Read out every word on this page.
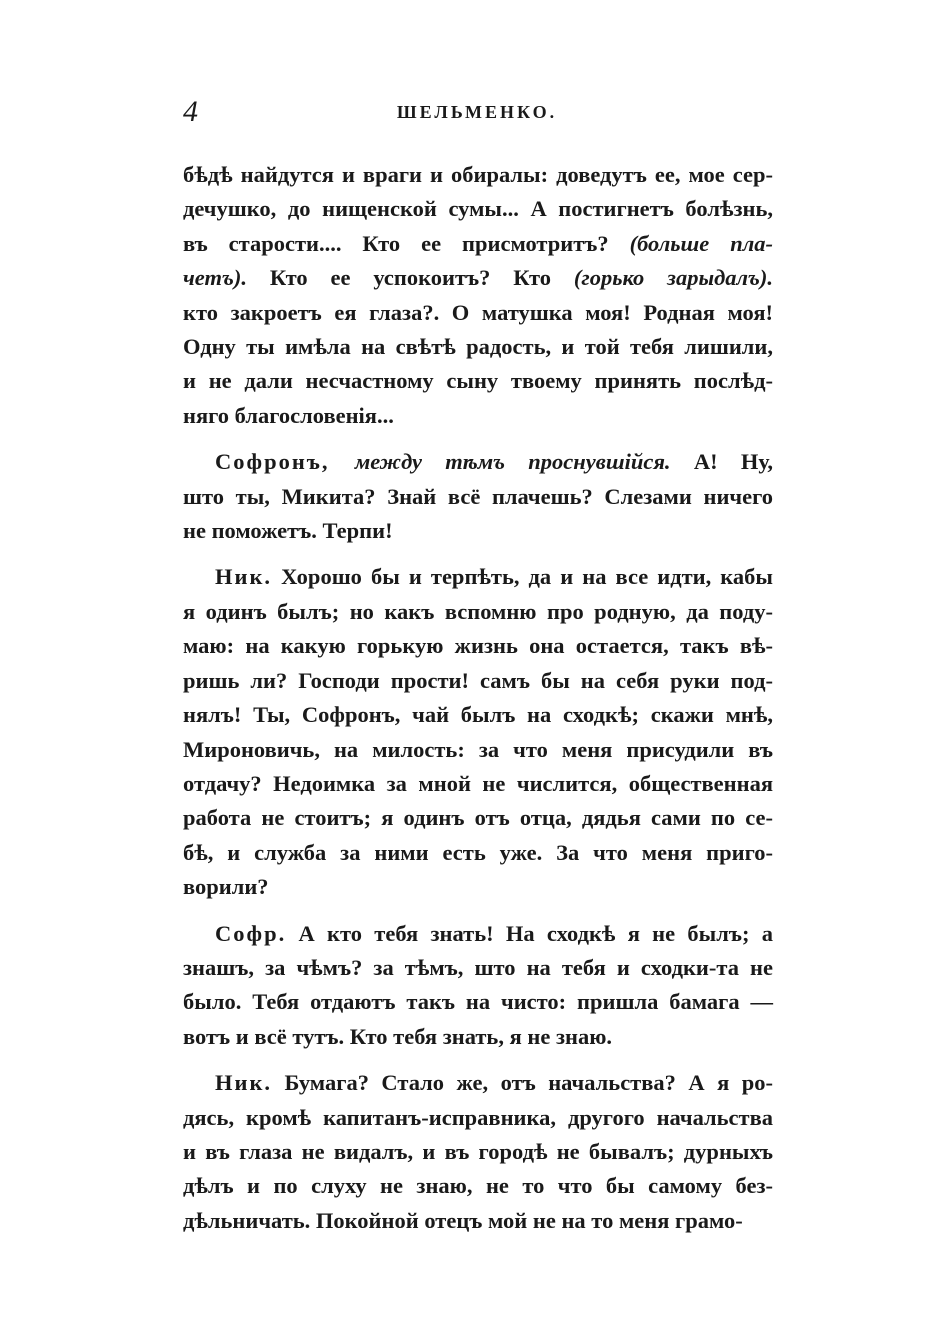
4	ШЕЛЬМЕНКО.
бѣдѣ найдутся и враги и обиралы: доведутъ ее, мое сер-
дечушко, до нищенской сумы... А постигнетъ болѣзнь,
въ старости.... Кто ее присмотритъ? (больше пла-
четъ). Кто ее успокоитъ? Кто (горько зарыдалъ).
кто закроетъ ея глаза?. О матушка моя! Родная моя!
Одну ты имѣла на свѣтѣ радость, и той тебя лишили,
и не дали несчастному сыну твоему принять послѣд-
няго благословенія...
Софронъ, между тѣмъ проснувшійся. А! Ну,
што ты, Микита? Знай всё плачешь? Слезами ничего
не поможетъ. Терпи!
Ник. Хорошо бы и терпѣть, да и на все идти, кабы
я одинъ былъ; но какъ вспомню про родную, да поду-
маю: на какую горькую жизнь она остается, такъ вѣ-
ришь ли? Господи прости! самъ бы на себя руки под-
нялъ! Ты, Софронъ, чай былъ на сходкѣ; скажи мнѣ,
Мироновичь, на милость: за что меня присудили въ
отдачу? Недоимка за мной не числится, общественная
работа не стоитъ; я одинъ отъ отца, дядья сами по се-
бѣ, и служба за ними есть уже. За что меня приго-
ворили?
Софр. А кто тебя знать! На сходкѣ я не былъ; а
знашъ, за чѣмъ? за тѣмъ, што на тебя и сходки-та не
было. Тебя отдаютъ такъ на чисто: пришла бамага —
вотъ и всё тутъ. Кто тебя знать, я не знаю.
Ник. Бумага? Стало же, отъ начальства? А я ро-
дясь, кромѣ капитанъ-исправника, другого начальства
и въ глаза не видалъ, и въ городѣ не бывалъ; дурныхъ
дѣлъ и по слуху не знаю, не то что бы самому без-
дѣльничать. Покойной отецъ мой не на то меня грамо-
